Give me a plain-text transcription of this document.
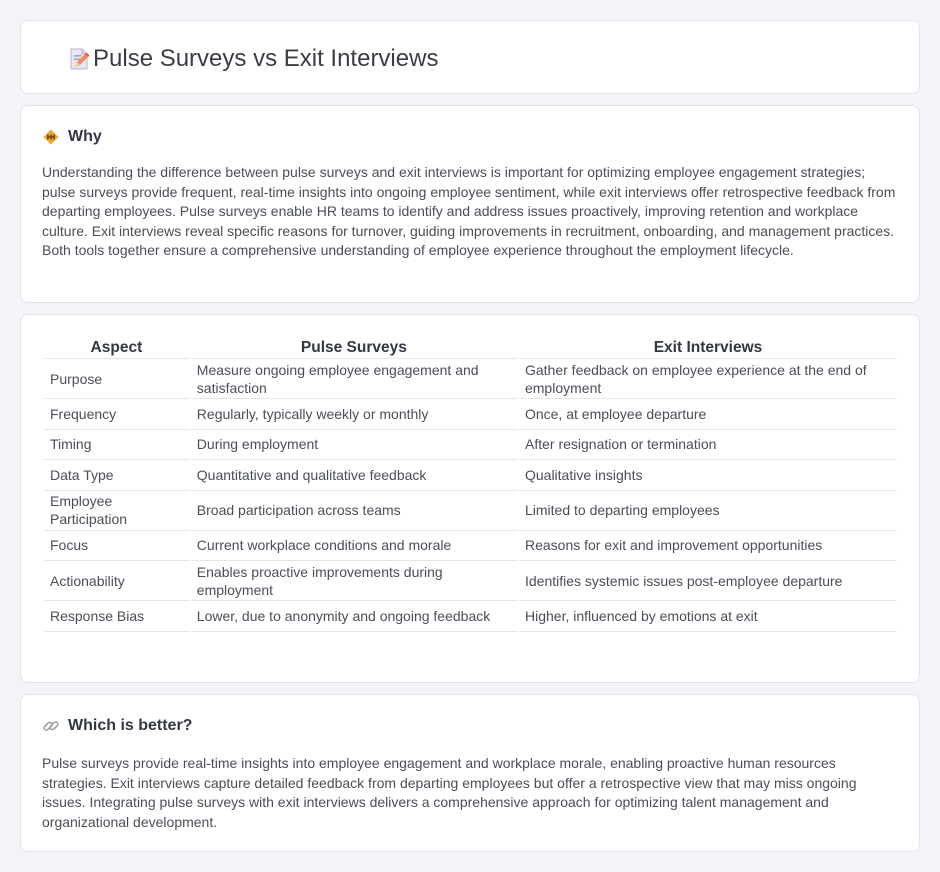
Pulse Surveys vs Exit Interviews
Why

Understanding the difference between pulse surveys and exit interviews is important for optimizing employee engagement strategies; pulse surveys provide frequent, real-time insights into ongoing employee sentiment, while exit interviews offer retrospective feedback from departing employees. Pulse surveys enable HR teams to identify and address issues proactively, improving retention and workplace culture. Exit interviews reveal specific reasons for turnover, guiding improvements in recruitment, onboarding, and management practices. Both tools together ensure a comprehensive understanding of employee experience throughout the employment lifecycle.

Aspect	Pulse Surveys	Exit Interviews
Purpose	Measure ongoing employee engagement and satisfaction	Gather feedback on employee experience at the end of employment
Frequency	Regularly, typically weekly or monthly	Once, at employee departure
Timing	During employment	After resignation or termination
Data Type	Quantitative and qualitative feedback	Qualitative insights
Employee Participation	Broad participation across teams	Limited to departing employees
Focus	Current workplace conditions and morale	Reasons for exit and improvement opportunities
Actionability	Enables proactive improvements during employment	Identifies systemic issues post-employee departure
Response Bias	Lower, due to anonymity and ongoing feedback	Higher, influenced by emotions at exit
Which is better?

Pulse surveys provide real-time insights into employee engagement and workplace morale, enabling proactive human resources strategies. Exit interviews capture detailed feedback from departing employees but offer a retrospective view that may miss ongoing issues. Integrating pulse surveys with exit interviews delivers a comprehensive approach for optimizing talent management and organizational development.
